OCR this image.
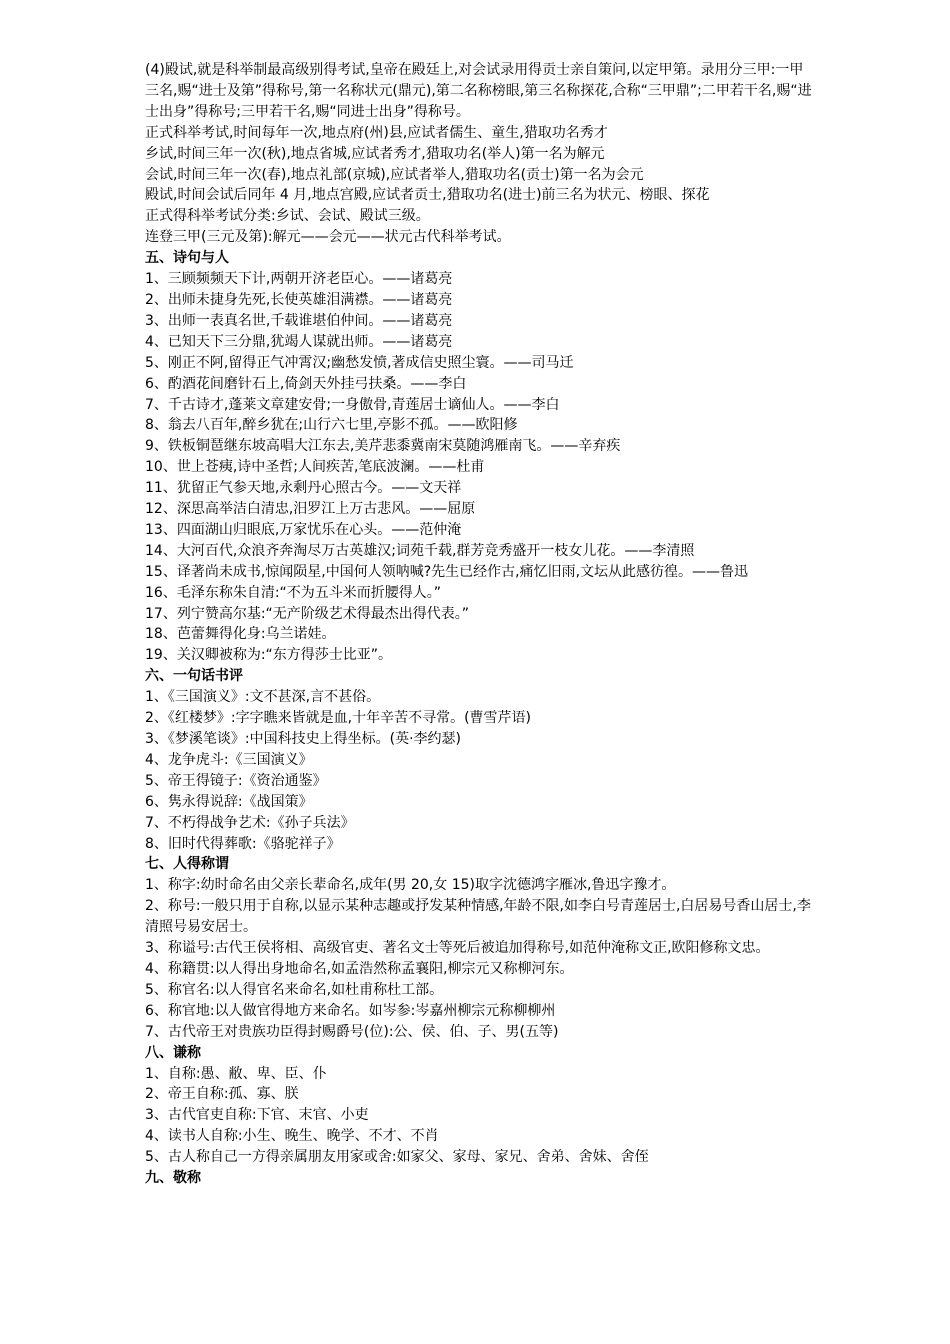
(4)殿试,就是科举制最高级别得考试,皇帝在殿廷上,对会试录用得贡士亲自策问,以定甲第。录用分三甲:一甲三名,赐“进士及第”得称号,第一名称状元(鼎元),第二名称榜眼,第三名称探花,合称“三甲鼎”;二甲若干名,赐“进士出身”得称号;三甲若干名,赐“同进士出身”得称号。
正式科举考试,时间每年一次,地点府(州)县,应试者儒生、童生,猎取功名秀才
乡试,时间三年一次(秋),地点省城,应试者秀才,猎取功名(举人)第一名为解元
会试,时间三年一次(春),地点礼部(京城),应试者举人,猎取功名(贡士)第一名为会元
殿试,时间会试后同年 4 月,地点宫殿,应试者贡士,猎取功名(进士)前三名为状元、榜眼、探花
正式得科举考试分类:乡试、会试、殿试三级。
连登三甲(三元及第):解元——会元——状元古代科举考试。
五、诗句与人
1、三顾频频天下计,两朝开济老臣心。——诸葛亮
2、出师未捷身先死,长使英雄泪满襟。——诸葛亮
3、出师一表真名世,千载谁堪伯仲间。——诸葛亮
4、已知天下三分鼎,犹竭人谋就出师。——诸葛亮
5、刚正不阿,留得正气冲霄汉;幽愁发愤,著成信史照尘寰。——司马迁
6、酌酒花间磨针石上,倚剑天外挂弓扶桑。——李白
7、千古诗才,蓬莱文章建安骨;一身傲骨,青莲居士谪仙人。——李白
8、翁去八百年,醉乡犹在;山行六七里,亭影不孤。——欧阳修
9、铁板铜琶继东坡高唱大江东去,美芹悲黍冀南宋莫随鸿雁南飞。——辛弃疾
10、世上苍痍,诗中圣哲;人间疾苦,笔底波澜。——杜甫
11、犹留正气参天地,永剩丹心照古今。——文天祥
12、深思高举洁白清忠,汨罗江上万古悲风。——屈原
13、四面湖山归眼底,万家忧乐在心头。——范仲淹
14、大河百代,众浪齐奔淘尽万古英雄汉;词苑千载,群芳竞秀盛开一枝女儿花。——李清照
15、译著尚未成书,惊闻陨星,中国何人领呐喊?先生已经作古,痛忆旧雨,文坛从此感彷徨。——鲁迅
16、毛泽东称朱自清:“不为五斗米而折腰得人。”
17、列宁赞高尔基:“无产阶级艺术得最杰出得代表。”
18、芭蕾舞得化身:乌兰诺娃。
19、关汉卿被称为:“东方得莎士比亚”。
六、一句话书评
1、《三国演义》:文不甚深,言不甚俗。
2、《红楼梦》:字字瞧来皆就是血,十年辛苦不寻常。(曹雪芹语)
3、《梦溪笔谈》:中国科技史上得坐标。(英·李约瑟)
4、龙争虎斗:《三国演义》
5、帝王得镜子:《资治通鉴》
6、隽永得说辞:《战国策》
7、不朽得战争艺术:《孙子兵法》
8、旧时代得葬歌:《骆驼祥子》
七、人得称谓
1、称字:幼时命名由父亲长辈命名,成年(男 20,女 15)取字沈德鸿字雁冰,鲁迅字豫才。
2、称号:一般只用于自称,以显示某种志趣或抒发某种情感,年龄不限,如李白号青莲居士,白居易号香山居士,李清照号易安居士。
3、称谥号:古代王侯将相、高级官吏、著名文士等死后被追加得称号,如范仲淹称文正,欧阳修称文忠。
4、称籍贯:以人得出身地命名,如孟浩然称孟襄阳,柳宗元又称柳河东。
5、称官名:以人得官名来命名,如杜甫称杜工部。
6、称官地:以人做官得地方来命名。如岑参:岑嘉州柳宗元称柳柳州
7、古代帝王对贵族功臣得封赐爵号(位):公、侯、伯、子、男(五等)
八、谦称
1、自称:愚、敝、卑、臣、仆
2、帝王自称:孤、寡、朕
3、古代官吏自称:下官、末官、小吏
4、读书人自称:小生、晚生、晚学、不才、不肖
5、古人称自己一方得亲属朋友用家或舍:如家父、家母、家兄、舍弟、舍妹、舍侄
九、敬称
